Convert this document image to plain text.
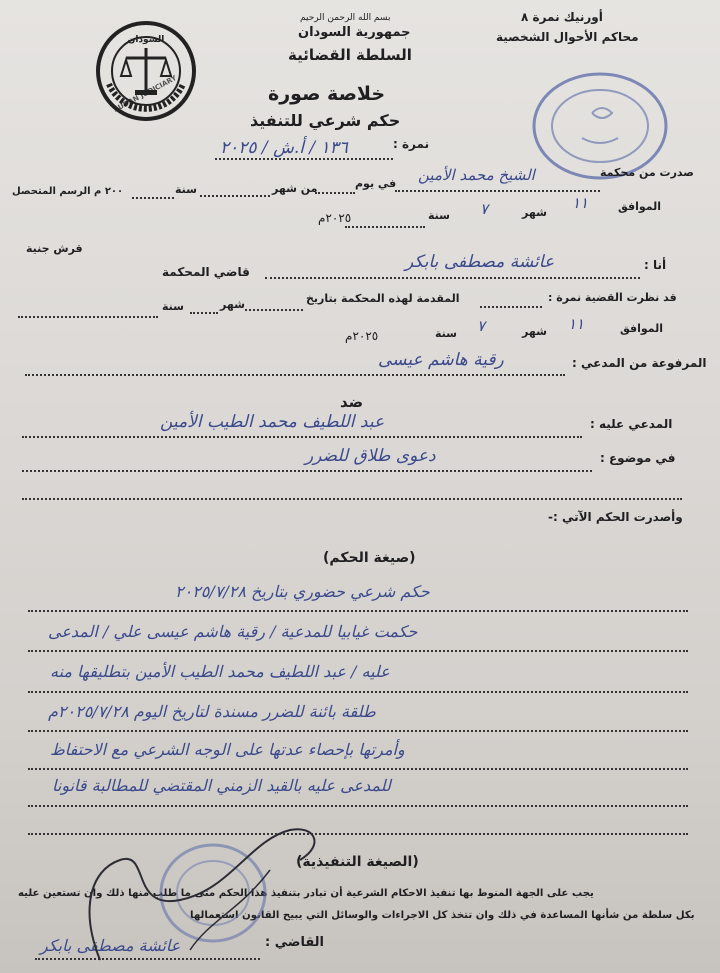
بسم الله الرحمن الرحيم
جمهورية السودان
السلطة القضائية
أورنيك نمرة ٨
محاكم الأحوال الشخصية
السودان
SUDAN JUDICIARY	خلاصة صورة
حكم شرعي للتنفيذ
نمرة :
١٣٦ / أ.ش / ٢٠٢٥
صدرت من محكمة
الشيخ محمد الأمين
في يوم
من شهر
سنة
٢٠٠ م الرسم المتحصل
الموافق
١١
شهر
٧
سنة
٢٠٢٥م
قرش جنية
أنا :
عائشة مصطفى بابكر
قاضي المحكمة
قد نظرت القضية نمرة :
المقدمة لهذه المحكمة بتاريخ
شهر
سنة
الموافق
١١
شهر
٧
سنة
٢٠٢٥م
المرفوعة من المدعي :
رقية هاشم عيسى
ضد
المدعي عليه :
عبد اللطيف محمد الطيب الأمين
في موضوع :
دعوى طلاق للضرر
وأصدرت الحكم الآتي :-
(صيغة الحكم)
حكم شرعي حضوري بتاريخ ٢٠٢٥/٧/٢٨
حكمت غيابيا للمدعية / رقية هاشم عيسى علي / المدعى
عليه / عبد اللطيف محمد الطيب الأمين بتطليقها منه
طلقة بائنة للضرر مسندة لتاريخ اليوم ٢٠٢٥/٧/٢٨م
وأمرتها بإحصاء عدتها على الوجه الشرعي مع الاحتفاظ
للمدعى عليه بالقيد الزمني المقتضي للمطالبة قانونا
(الصيغة التنفيذية)
يجب على الجهة المنوط بها تنفيذ الاحكام الشرعية أن تبادر بتنفيذ هذا الحكم متى ما طلب منها ذلك وان تستعين عليه
بكل سلطة من شأنها المساعدة في ذلك وان تتخذ كل الاجراءات والوسائل التي يبيح القانون استعمالها
القاضي :
عائشة مصطفى بابكر
